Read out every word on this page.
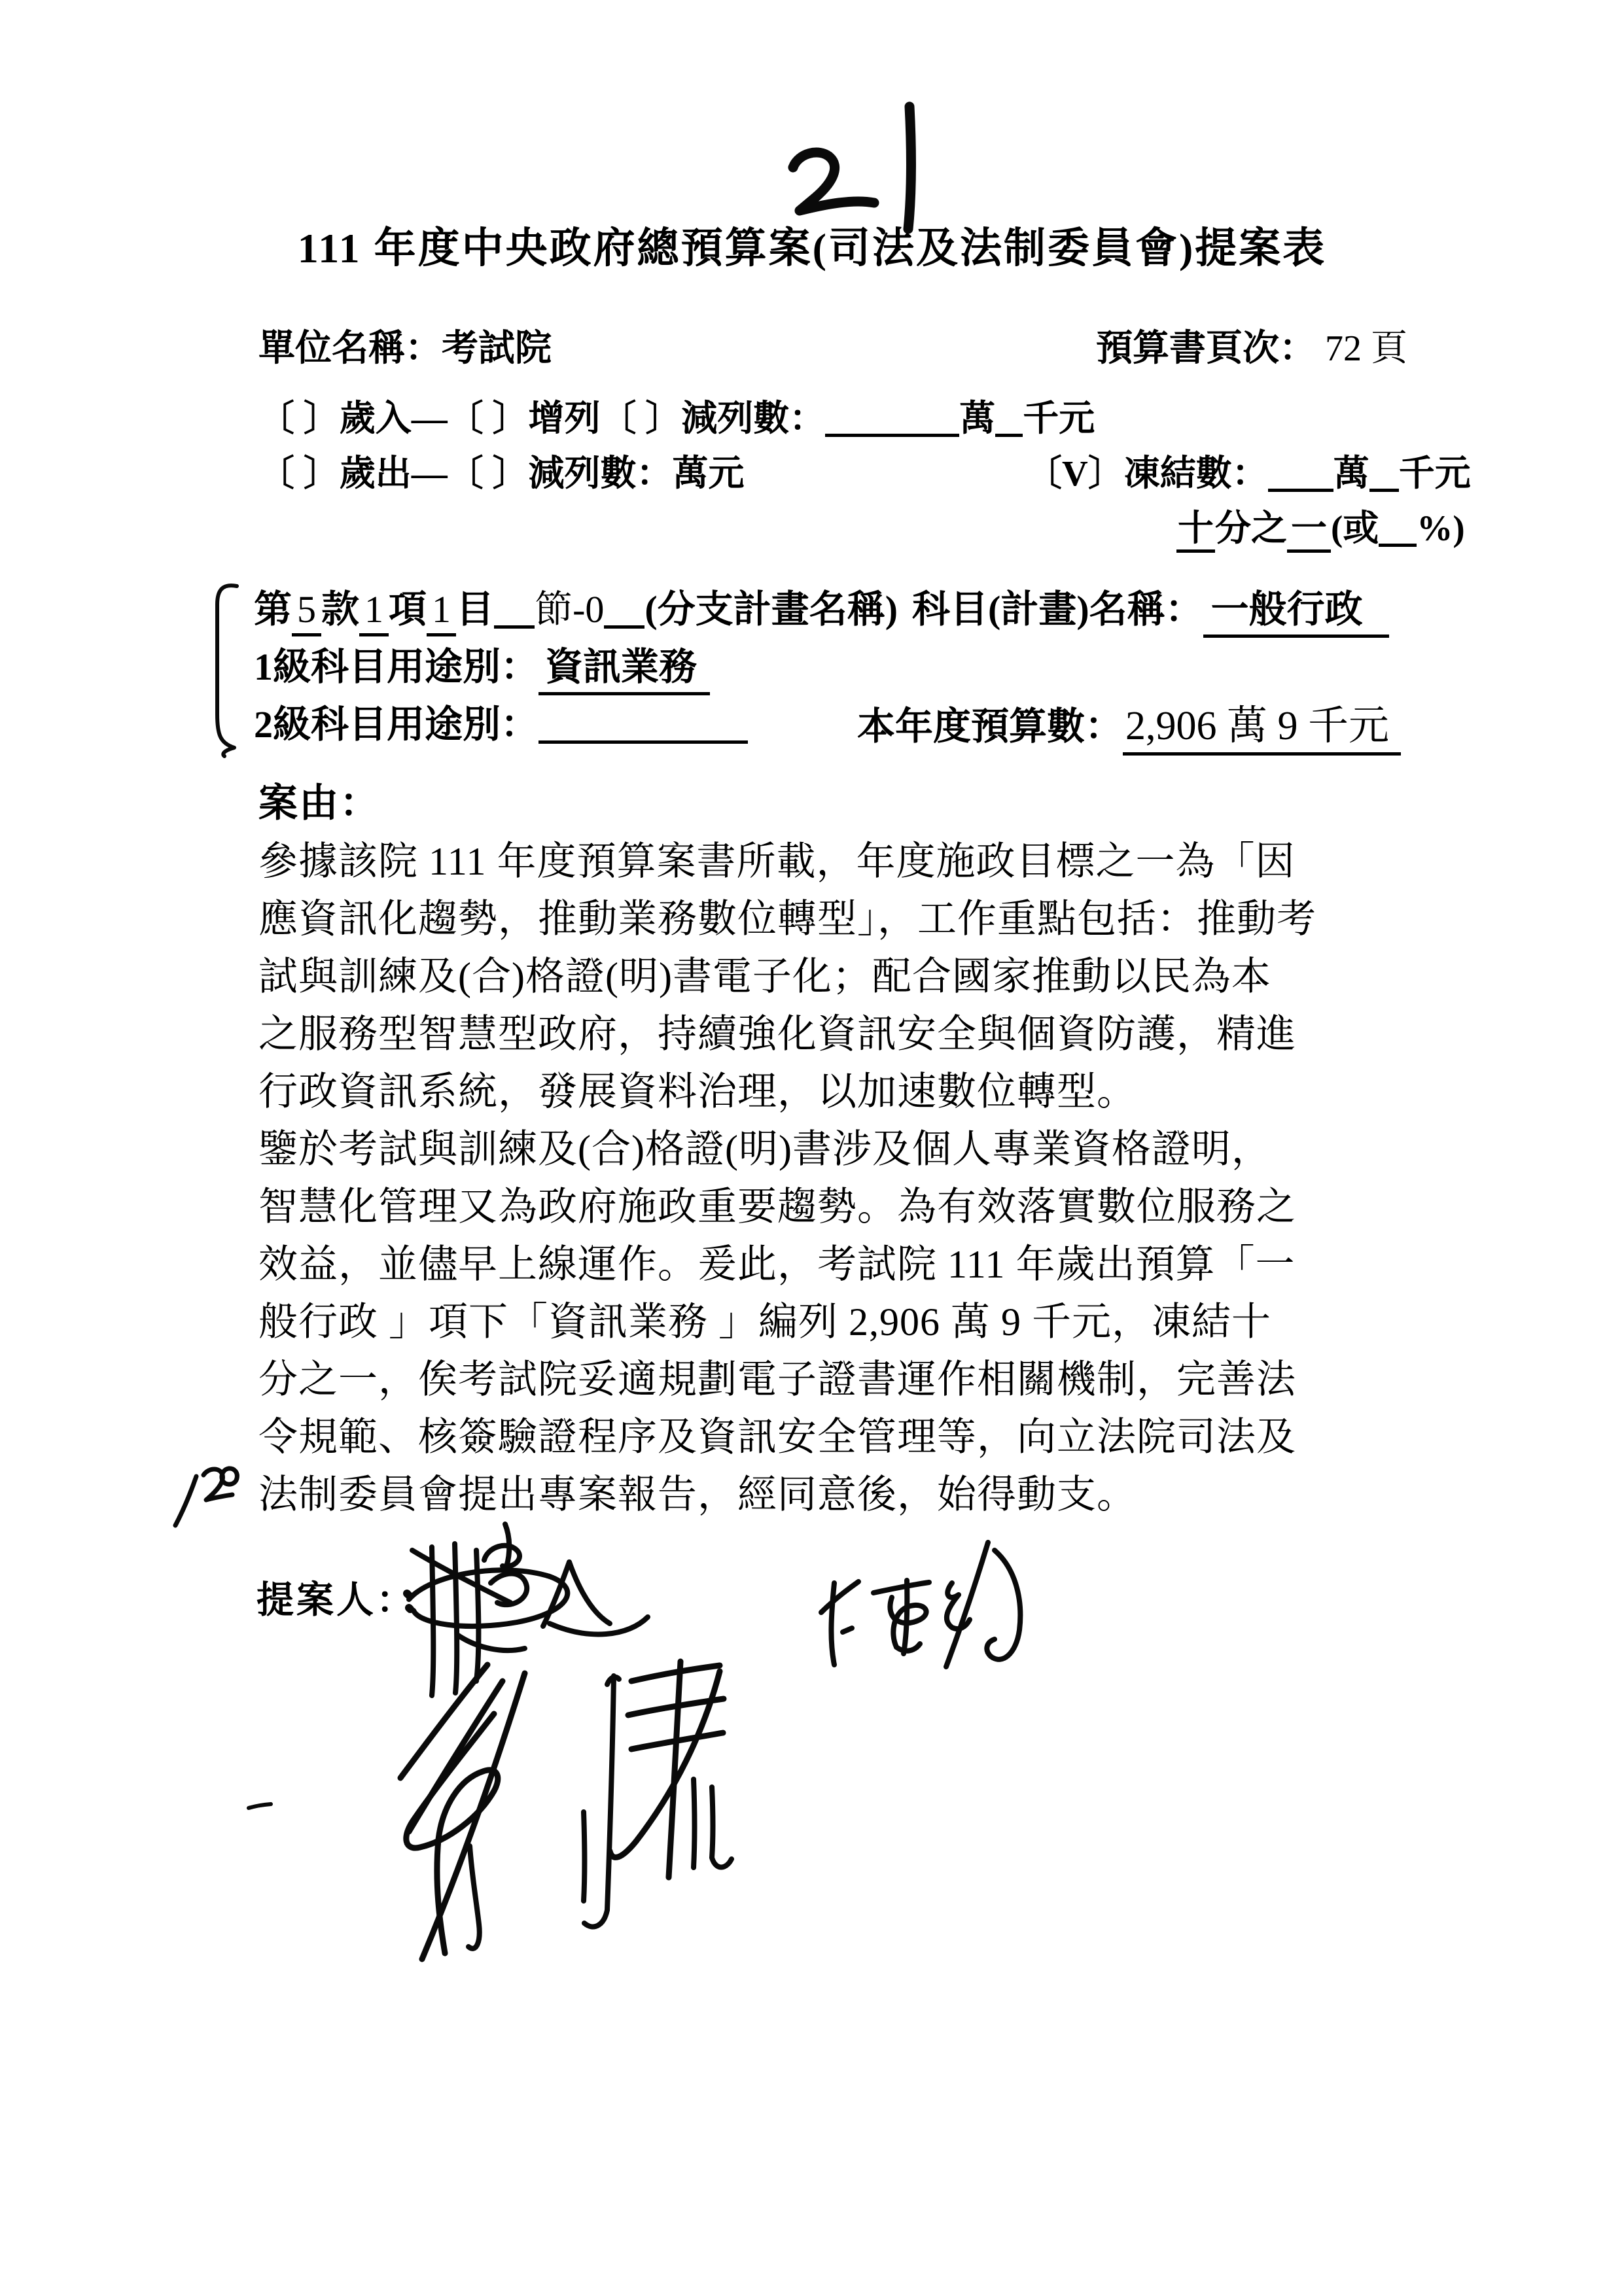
111 年度中央政府總預算案(司法及法制委員會)提案表
單位名稱：考試院	預算書頁次： 72 頁
〔 〕歲入—〔 〕增列〔 〕減列數：	萬 千元
〔 〕歲出—〔 〕減列數：萬元	〔V〕凍結數： 萬 千元
十分之 一 (或 %)
第 5 款 1 項 1 目 節-0 (分支計畫名稱) 科目(計畫)名稱： 一般行政
1級科目用途別： 資訊業務
2級科目用途別：	本年度預算數：2,906 萬 9 千元
案由：
參據該院 111 年度預算案書所載，年度施政目標之一為「因
應資訊化趨勢，推動業務數位轉型」，工作重點包括：推動考
試與訓練及(合)格證(明)書電子化；配合國家推動以民為本
之服務型智慧型政府，持續強化資訊安全與個資防護，精進
行政資訊系統，發展資料治理，以加速數位轉型。
鑒於考試與訓練及(合)格證(明)書涉及個人專業資格證明，
智慧化管理又為政府施政重要趨勢。為有效落實數位服務之
效益，並儘早上線運作。爰此，考試院 111 年歲出預算「一
般行政 」項下「資訊業務 」編列 2,906 萬 9 千元，凍結十
分之一，俟考試院妥適規劃電子證書運作相關機制，完善法
令規範、核簽驗證程序及資訊安全管理等，向立法院司法及
法制委員會提出專案報告，經同意後，始得動支。
提案人：
